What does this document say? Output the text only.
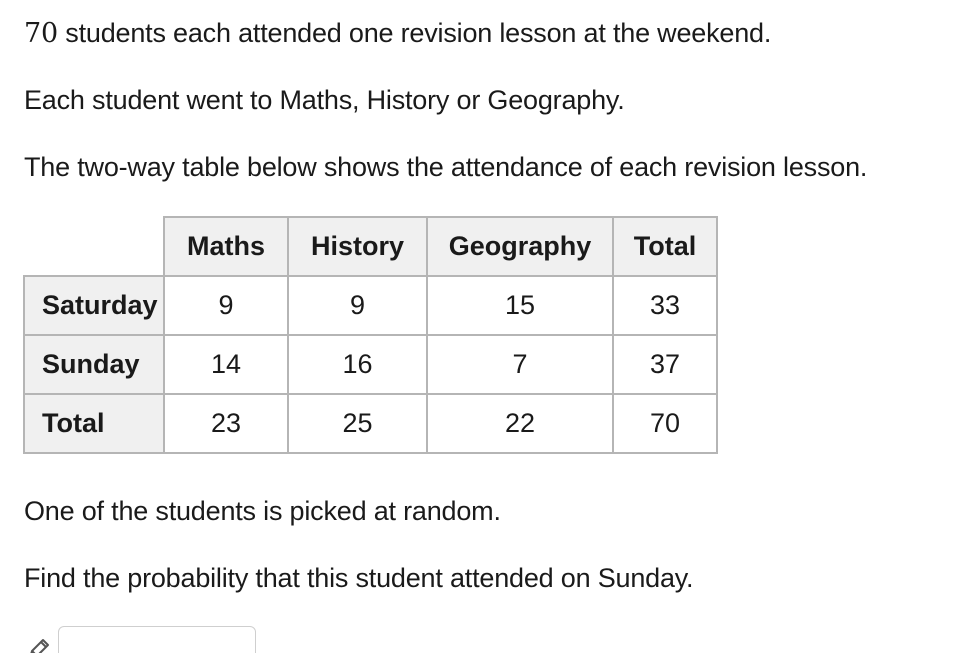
70 students each attended one revision lesson at the weekend.
Each student went to Maths, History or Geography.
The two-way table below shows the attendance of each revision lesson.
	Maths	History	Geography	Total
Saturday	9	9	15	33
Sunday	14	16	7	37
Total	23	25	22	70
One of the students is picked at random.
Find the probability that this student attended on Sunday.
